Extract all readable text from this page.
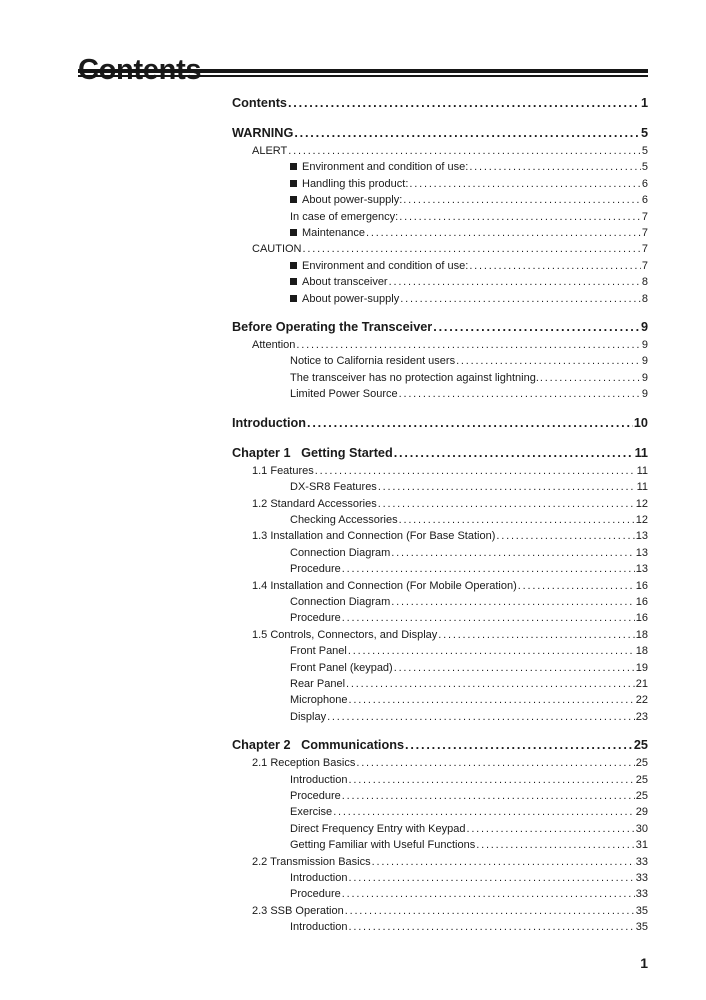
Contents
Contents .....	1
WARNING .....	5
ALERT .....	5
Environment and condition of use: .....	5
Handling this product: .....	6
About power-supply: .....	6
In case of emergency: .....	7
Maintenance .....	7
CAUTION .....	7
Environment and condition of use: .....	7
About transceiver .....	8
About power-supply .....	8
Before Operating the Transceiver .....	9
Attention .....	9
Notice to California resident users .....	9
The transceiver has no protection against lightning. .....	9
Limited Power Source .....	9
Introduction .....	10
Chapter 1   Getting Started .....	11
1.1 Features .....	11
DX-SR8 Features .....	11
1.2 Standard Accessories .....	12
Checking Accessories .....	12
1.3 Installation and Connection (For Base Station) .....	13
Connection Diagram .....	13
Procedure .....	13
1.4 Installation and Connection (For Mobile Operation) .....	16
Connection Diagram .....	16
Procedure .....	16
1.5 Controls, Connectors, and Display .....	18
Front Panel .....	18
Front Panel (keypad) .....	19
Rear Panel .....	21
Microphone .....	22
Display .....	23
Chapter 2   Communications .....	25
2.1 Reception Basics .....	25
Introduction .....	25
Procedure .....	25
Exercise .....	29
Direct Frequency Entry with Keypad .....	30
Getting Familiar with Useful Functions .....	31
2.2 Transmission Basics .....	33
Introduction .....	33
Procedure .....	33
2.3 SSB Operation .....	35
Introduction .....	35
1
